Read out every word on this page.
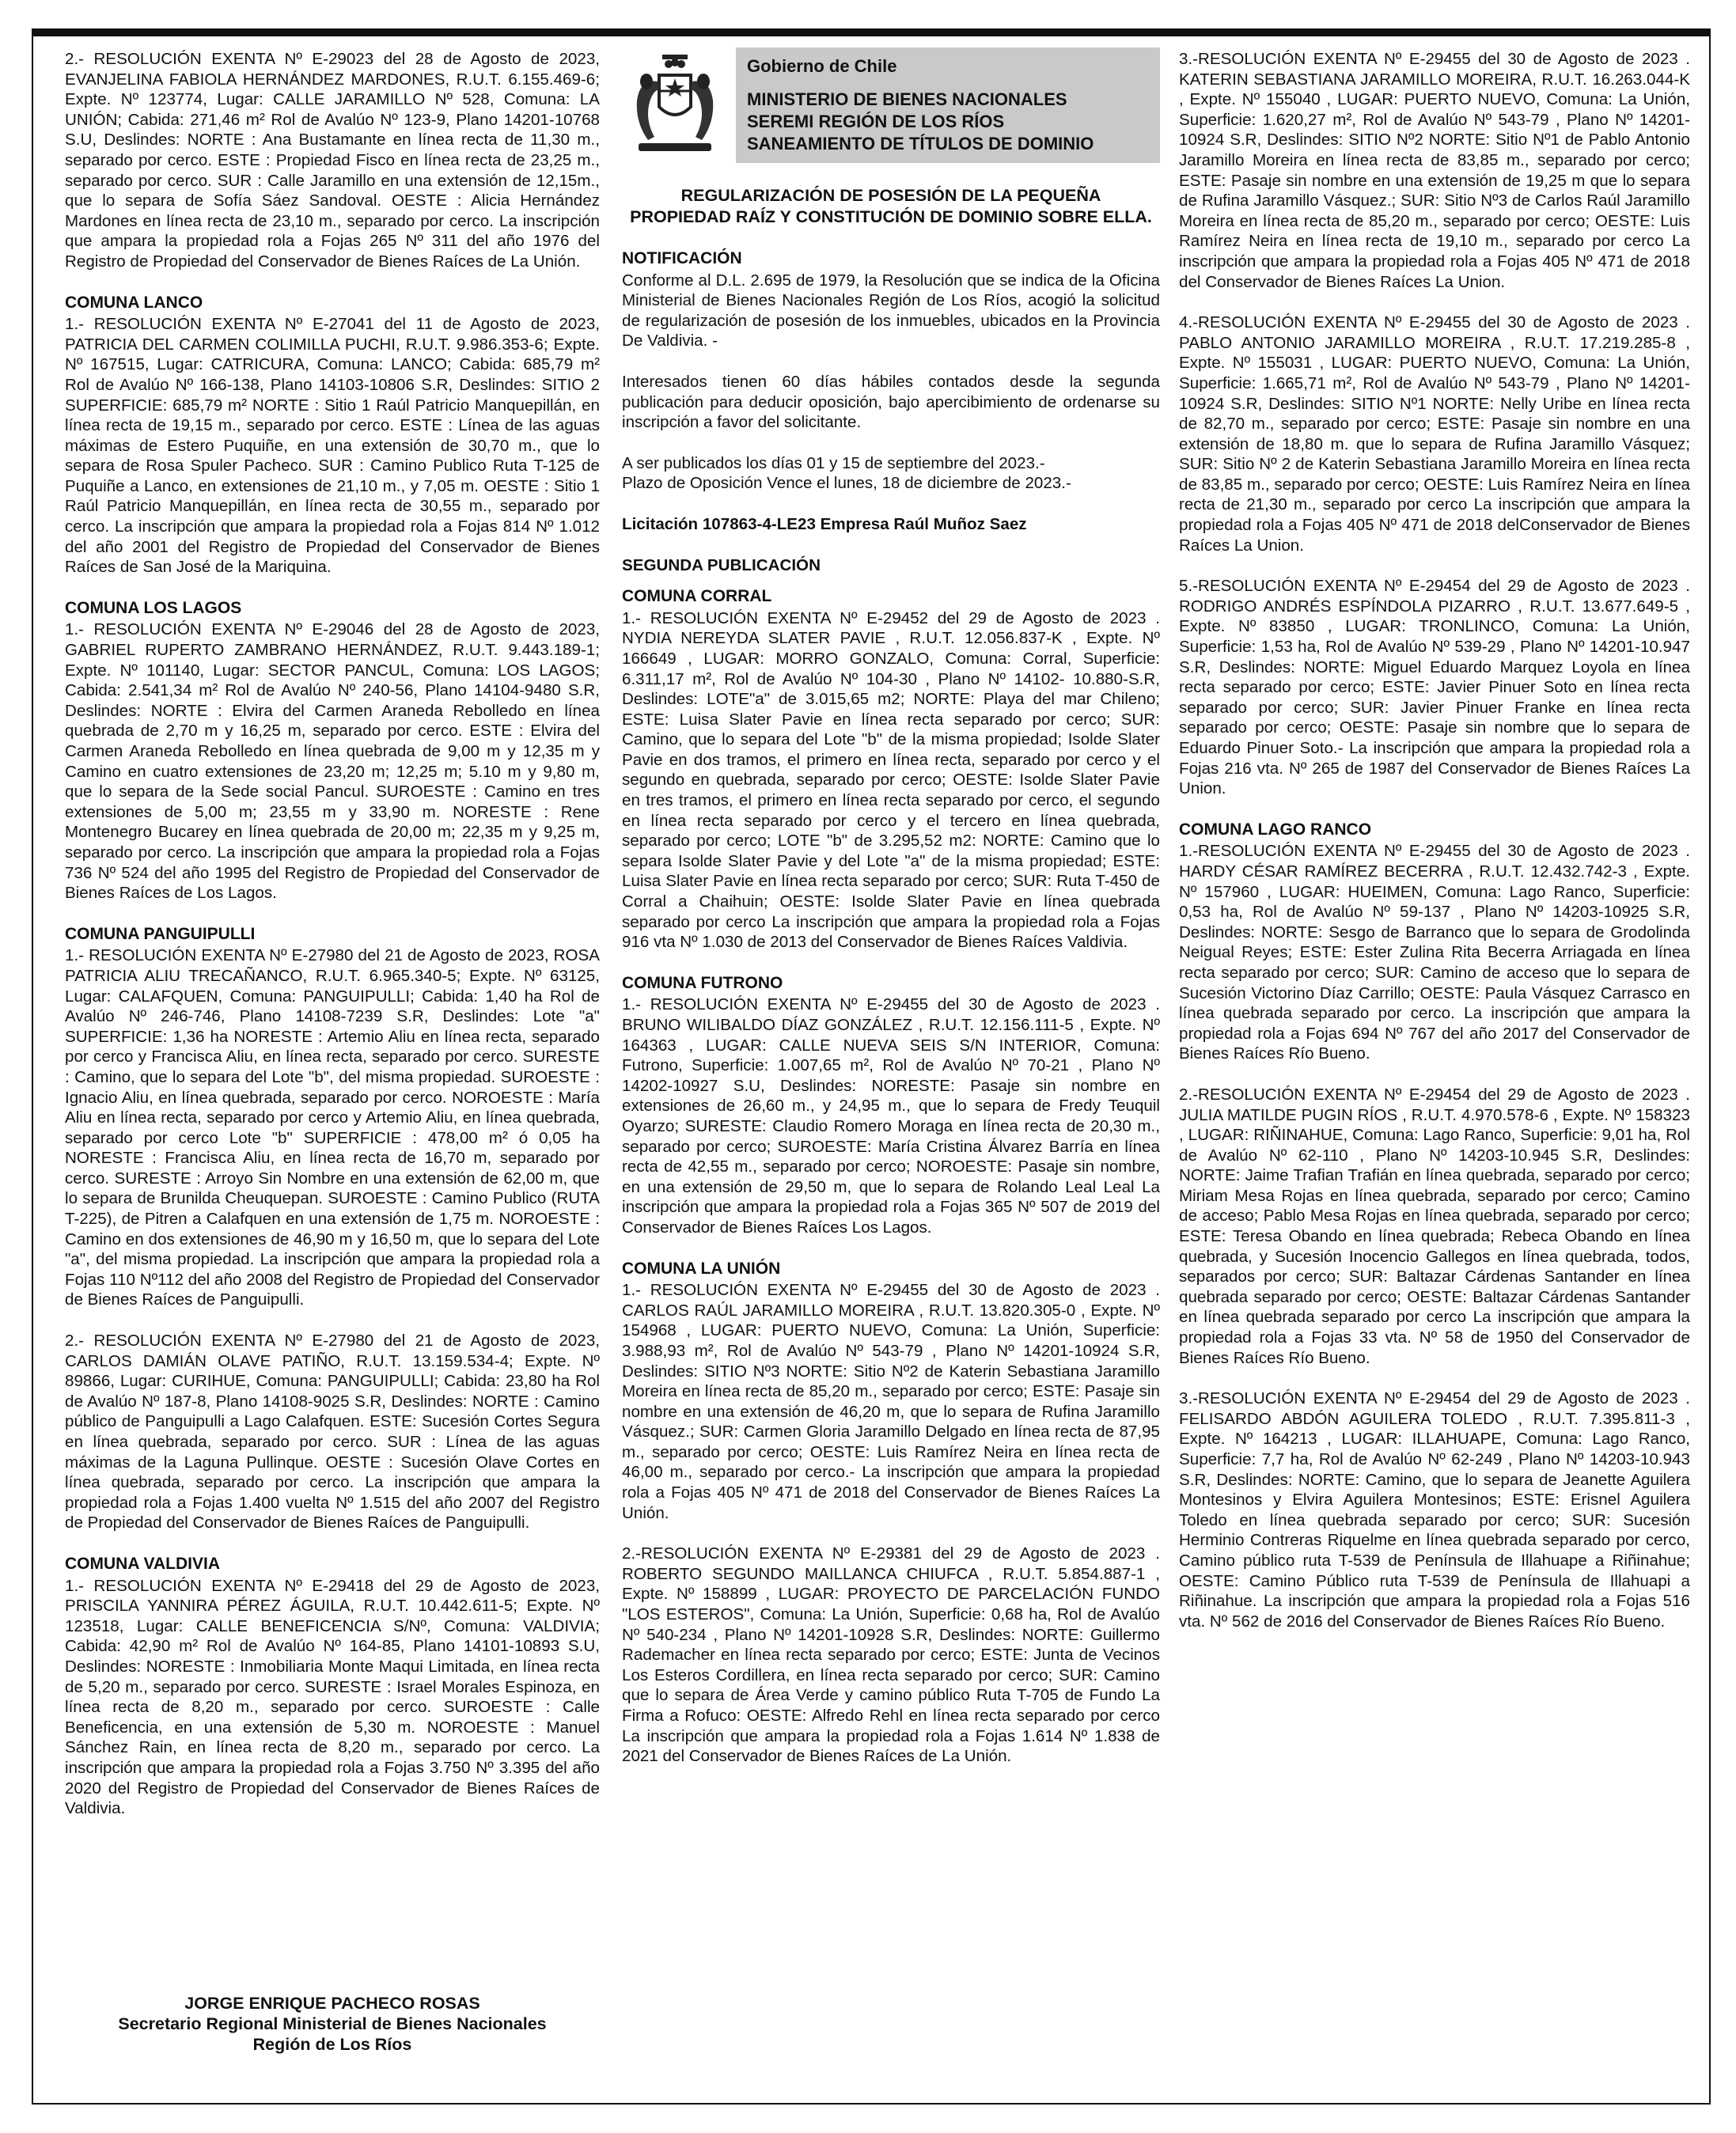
2.- RESOLUCIÓN EXENTA Nº E-29023 del 28 de Agosto de 2023, EVANJELINA FABIOLA HERNÁNDEZ MARDONES, R.U.T. 6.155.469-6; Expte. Nº 123774, Lugar: CALLE JARAMILLO Nº 528, Comuna: LA UNIÓN; Cabida: 271,46 m² Rol de Avalúo Nº 123-9, Plano 14201-10768 S.U, Deslindes: NORTE : Ana Bustamante en línea recta de 11,30 m., separado por cerco. ESTE : Propiedad Fisco en línea recta de 23,25 m., separado por cerco. SUR : Calle Jaramillo en una extensión de 12,15m., que lo separa de Sofía Sáez Sandoval. OESTE : Alicia Hernández Mardones en línea recta de 23,10 m., separado por cerco. La inscripción que ampara la propiedad rola a Fojas 265 Nº 311 del año 1976 del Registro de Propiedad del Conservador de Bienes Raíces de La Unión.

COMUNA LANCO

1.- RESOLUCIÓN EXENTA Nº E-27041 del 11 de Agosto de 2023, PATRICIA DEL CARMEN COLIMILLA PUCHI, R.U.T. 9.986.353-6; Expte. Nº 167515, Lugar: CATRICURA, Comuna: LANCO; Cabida: 685,79 m² Rol de Avalúo Nº 166-138, Plano 14103-10806 S.R, Deslindes: SITIO 2 SUPERFICIE: 685,79 m² NORTE : Sitio 1 Raúl Patricio Manquepillán, en línea recta de 19,15 m., separado por cerco. ESTE : Línea de las aguas máximas de Estero Puquiñe, en una extensión de 30,70 m., que lo separa de Rosa Spuler Pacheco. SUR : Camino Publico Ruta T-125 de Puquiñe a Lanco, en extensiones de 21,10 m., y 7,05 m. OESTE : Sitio 1 Raúl Patricio Manquepillán, en línea recta de 30,55 m., separado por cerco. La inscripción que ampara la propiedad rola a Fojas 814 Nº 1.012 del año 2001 del Registro de Propiedad del Conservador de Bienes Raíces de San José de la Mariquina.

COMUNA LOS LAGOS

1.- RESOLUCIÓN EXENTA Nº E-29046 del 28 de Agosto de 2023, GABRIEL RUPERTO ZAMBRANO HERNÁNDEZ, R.U.T. 9.443.189-1; Expte. Nº 101140, Lugar: SECTOR PANCUL, Comuna: LOS LAGOS; Cabida: 2.541,34 m² Rol de Avalúo Nº 240-56, Plano 14104-9480 S.R, Deslindes: NORTE : Elvira del Carmen Araneda Rebolledo en línea quebrada de 2,70 m y 16,25 m, separado por cerco. ESTE : Elvira del Carmen Araneda Rebolledo en línea quebrada de 9,00 m y 12,35 m y Camino en cuatro extensiones de 23,20 m; 12,25 m; 5.10 m y 9,80 m, que lo separa de la Sede social Pancul. SUROESTE : Camino en tres extensiones de 5,00 m; 23,55 m y 33,90 m. NORESTE : Rene Montenegro Bucarey en línea quebrada de 20,00 m; 22,35 m y 9,25 m, separado por cerco. La inscripción que ampara la propiedad rola a Fojas 736 Nº 524 del año 1995 del Registro de Propiedad del Conservador de Bienes Raíces de Los Lagos.

COMUNA PANGUIPULLI

1.- RESOLUCIÓN EXENTA Nº E-27980 del 21 de Agosto de 2023, ROSA PATRICIA ALIU TRECAÑANCO, R.U.T. 6.965.340-5; Expte. Nº 63125, Lugar: CALAFQUEN, Comuna: PANGUIPULLI; Cabida: 1,40 ha Rol de Avalúo Nº 246-746, Plano 14108-7239 S.R, Deslindes: Lote "a" SUPERFICIE: 1,36 ha NORESTE : Artemio Aliu en línea recta, separado por cerco y Francisca Aliu, en línea recta, separado por cerco. SURESTE : Camino, que lo separa del Lote "b", del misma propiedad. SUROESTE : Ignacio Aliu, en línea quebrada, separado por cerco. NOROESTE : María Aliu en línea recta, separado por cerco y Artemio Aliu, en línea quebrada, separado por cerco Lote "b" SUPERFICIE : 478,00 m² ó 0,05 ha NORESTE : Francisca Aliu, en línea recta de 16,70 m, separado por cerco. SURESTE : Arroyo Sin Nombre en una extensión de 62,00 m, que lo separa de Brunilda Cheuquepan. SUROESTE : Camino Publico (RUTA T-225), de Pitren a Calafquen en una extensión de 1,75 m. NOROESTE : Camino en dos extensiones de 46,90 m y 16,50 m, que lo separa del Lote "a", del misma propiedad. La inscripción que ampara la propiedad rola a Fojas 110 Nº112 del año 2008 del Registro de Propiedad del Conservador de Bienes Raíces de Panguipulli.

2.- RESOLUCIÓN EXENTA Nº E-27980 del 21 de Agosto de 2023, CARLOS DAMIÁN OLAVE PATIÑO, R.U.T. 13.159.534-4; Expte. Nº 89866, Lugar: CURIHUE, Comuna: PANGUIPULLI; Cabida: 23,80 ha Rol de Avalúo Nº 187-8, Plano 14108-9025 S.R, Deslindes: NORTE : Camino público de Panguipulli a Lago Calafquen. ESTE: Sucesión Cortes Segura en línea quebrada, separado por cerco. SUR : Línea de las aguas máximas de la Laguna Pullinque. OESTE : Sucesión Olave Cortes en línea quebrada, separado por cerco. La inscripción que ampara la propiedad rola a Fojas 1.400 vuelta Nº 1.515 del año 2007 del Registro de Propiedad del Conservador de Bienes Raíces de Panguipulli.

COMUNA VALDIVIA

1.- RESOLUCIÓN EXENTA Nº E-29418 del 29 de Agosto de 2023, PRISCILA YANNIRA PÉREZ ÁGUILA, R.U.T. 10.442.611-5; Expte. Nº 123518, Lugar: CALLE BENEFICENCIA S/Nº, Comuna: VALDIVIA; Cabida: 42,90 m² Rol de Avalúo Nº 164-85, Plano 14101-10893 S.U, Deslindes: NORESTE : Inmobiliaria Monte Maqui Limitada, en línea recta de 5,20 m., separado por cerco. SURESTE : Israel Morales Espinoza, en línea recta de 8,20 m., separado por cerco. SUROESTE : Calle Beneficencia, en una extensión de 5,30 m. NOROESTE : Manuel Sánchez Rain, en línea recta de 8,20 m., separado por cerco. La inscripción que ampara la propiedad rola a Fojas 3.750 Nº 3.395 del año 2020 del Registro de Propiedad del Conservador de Bienes Raíces de Valdivia.

JORGE ENRIQUE PACHECO ROSAS
Secretario Regional Ministerial de Bienes Nacionales
Región de Los Ríos
Gobierno de Chile
MINISTERIO DE BIENES NACIONALES
SEREMI REGIÓN DE LOS RÍOS
SANEAMIENTO DE TÍTULOS DE DOMINIO
REGULARIZACIÓN DE POSESIÓN DE LA PEQUEÑA
PROPIEDAD RAÍZ Y CONSTITUCIÓN DE DOMINIO SOBRE ELLA.
NOTIFICACIÓN

Conforme al D.L. 2.695 de 1979, la Resolución que se indica de la Oficina Ministerial de Bienes Nacionales Región de Los Ríos, acogió la solicitud de regularización de posesión de los inmuebles, ubicados en la Provincia De Valdivia. -

Interesados tienen 60 días hábiles contados desde la segunda publicación para deducir oposición, bajo apercibimiento de ordenarse su inscripción a favor del solicitante.

A ser publicados los días 01 y 15 de septiembre del 2023.-
Plazo de Oposición Vence el lunes, 18 de diciembre de 2023.-

Licitación 107863-4-LE23 Empresa Raúl Muñoz Saez

SEGUNDA PUBLICACIÓN

COMUNA CORRAL

1.- RESOLUCIÓN EXENTA Nº E-29452 del 29 de Agosto de 2023 . NYDIA NEREYDA SLATER PAVIE , R.U.T. 12.056.837-K , Expte. Nº 166649 , LUGAR: MORRO GONZALO, Comuna: Corral, Superficie: 6.311,17 m², Rol de Avalúo Nº 104-30 , Plano Nº 14102- 10.880-S.R, Deslindes: LOTE"a" de 3.015,65 m2; NORTE: Playa del mar Chileno; ESTE: Luisa Slater Pavie en línea recta separado por cerco; SUR: Camino, que lo separa del Lote "b" de la misma propiedad; Isolde Slater Pavie en dos tramos, el primero en línea recta, separado por cerco y el segundo en quebrada, separado por cerco; OESTE: Isolde Slater Pavie en tres tramos, el primero en línea recta separado por cerco, el segundo en línea recta separado por cerco y el tercero en línea quebrada, separado por cerco; LOTE "b" de 3.295,52 m2: NORTE: Camino que lo separa Isolde Slater Pavie y del Lote "a" de la misma propiedad; ESTE: Luisa Slater Pavie en línea recta separado por cerco; SUR: Ruta T-450 de Corral a Chaihuin; OESTE: Isolde Slater Pavie en línea quebrada separado por cerco La inscripción que ampara la propiedad rola a Fojas 916 vta Nº 1.030 de 2013 del Conservador de Bienes Raíces Valdivia.

COMUNA FUTRONO

1.- RESOLUCIÓN EXENTA Nº E-29455 del 30 de Agosto de 2023 . BRUNO WILIBALDO DÍAZ GONZÁLEZ , R.U.T. 12.156.111-5 , Expte. Nº 164363 , LUGAR: CALLE NUEVA SEIS S/N INTERIOR, Comuna: Futrono, Superficie: 1.007,65 m², Rol de Avalúo Nº 70-21 , Plano Nº 14202-10927 S.U, Deslindes: NORESTE: Pasaje sin nombre en extensiones de 26,60 m., y 24,95 m., que lo separa de Fredy Teuquil Oyarzo; SURESTE: Claudio Romero Moraga en línea recta de 20,30 m., separado por cerco; SUROESTE: María Cristina Álvarez Barría en línea recta de 42,55 m., separado por cerco; NOROESTE: Pasaje sin nombre, en una extensión de 29,50 m, que lo separa de Rolando Leal Leal La inscripción que ampara la propiedad rola a Fojas 365 Nº 507 de 2019 del Conservador de Bienes Raíces Los Lagos.

COMUNA LA UNIÓN

1.- RESOLUCIÓN EXENTA Nº E-29455 del 30 de Agosto de 2023 . CARLOS RAÚL JARAMILLO MOREIRA , R.U.T. 13.820.305-0 , Expte. Nº 154968 , LUGAR: PUERTO NUEVO, Comuna: La Unión, Superficie: 3.988,93 m², Rol de Avalúo Nº 543-79 , Plano Nº 14201-10924 S.R, Deslindes: SITIO Nº3 NORTE: Sitio Nº2 de Katerin Sebastiana Jaramillo Moreira en línea recta de 85,20 m., separado por cerco; ESTE: Pasaje sin nombre en una extensión de 46,20 m, que lo separa de Rufina Jaramillo Vásquez.; SUR: Carmen Gloria Jaramillo Delgado en línea recta de 87,95 m., separado por cerco; OESTE: Luis Ramírez Neira en línea recta de 46,00 m., separado por cerco.- La inscripción que ampara la propiedad rola a Fojas 405 Nº 471 de 2018 del Conservador de Bienes Raíces La Unión.

2.-RESOLUCIÓN EXENTA Nº E-29381 del 29 de Agosto de 2023 . ROBERTO SEGUNDO MAILLANCA CHIUFCA , R.U.T. 5.854.887-1 , Expte. Nº 158899 , LUGAR: PROYECTO DE PARCELACIÓN FUNDO "LOS ESTEROS", Comuna: La Unión, Superficie: 0,68 ha, Rol de Avalúo Nº 540-234 , Plano Nº 14201-10928 S.R, Deslindes: NORTE: Guillermo Rademacher en línea recta separado por cerco; ESTE: Junta de Vecinos Los Esteros Cordillera, en línea recta separado por cerco; SUR: Camino que lo separa de Área Verde y camino público Ruta T-705 de Fundo La Firma a Rofuco: OESTE: Alfredo Rehl en línea recta separado por cerco La inscripción que ampara la propiedad rola a Fojas 1.614 Nº 1.838 de 2021 del Conservador de Bienes Raíces de La Unión.

3.-RESOLUCIÓN EXENTA Nº E-29455 del 30 de Agosto de 2023 . KATERIN SEBASTIANA JARAMILLO MOREIRA, R.U.T. 16.263.044-K , Expte. Nº 155040 , LUGAR: PUERTO NUEVO, Comuna: La Unión, Superficie: 1.620,27 m², Rol de Avalúo Nº 543-79 , Plano Nº 14201-10924 S.R, Deslindes: SITIO Nº2 NORTE: Sitio Nº1 de Pablo Antonio Jaramillo Moreira en línea recta de 83,85 m., separado por cerco; ESTE: Pasaje sin nombre en una extensión de 19,25 m que lo separa de Rufina Jaramillo Vásquez.; SUR: Sitio Nº3 de Carlos Raúl Jaramillo Moreira en línea recta de 85,20 m., separado por cerco; OESTE: Luis Ramírez Neira en línea recta de 19,10 m., separado por cerco La inscripción que ampara la propiedad rola a Fojas 405 Nº 471 de 2018 del Conservador de Bienes Raíces La Union.

4.-RESOLUCIÓN EXENTA Nº E-29455 del 30 de Agosto de 2023 . PABLO ANTONIO JARAMILLO MOREIRA , R.U.T. 17.219.285-8 , Expte. Nº 155031 , LUGAR: PUERTO NUEVO, Comuna: La Unión, Superficie: 1.665,71 m², Rol de Avalúo Nº 543-79 , Plano Nº 14201-10924 S.R, Deslindes: SITIO Nº1 NORTE: Nelly Uribe en línea recta de 82,70 m., separado por cerco; ESTE: Pasaje sin nombre en una extensión de 18,80 m. que lo separa de Rufina Jaramillo Vásquez; SUR: Sitio Nº 2 de Katerin Sebastiana Jaramillo Moreira en línea recta de 83,85 m., separado por cerco; OESTE: Luis Ramírez Neira en línea recta de 21,30 m., separado por cerco La inscripción que ampara la propiedad rola a Fojas 405 Nº 471 de 2018 delConservador de Bienes Raíces La Union.

5.-RESOLUCIÓN EXENTA Nº E-29454 del 29 de Agosto de 2023 . RODRIGO ANDRÉS ESPÍNDOLA PIZARRO , R.U.T. 13.677.649-5 , Expte. Nº 83850 , LUGAR: TRONLINCO, Comuna: La Unión, Superficie: 1,53 ha, Rol de Avalúo Nº 539-29 , Plano Nº 14201-10.947 S.R, Deslindes: NORTE: Miguel Eduardo Marquez Loyola en línea recta separado por cerco; ESTE: Javier Pinuer Soto en línea recta separado por cerco; SUR: Javier Pinuer Franke en línea recta separado por cerco; OESTE: Pasaje sin nombre que lo separa de Eduardo Pinuer Soto.- La inscripción que ampara la propiedad rola a Fojas 216 vta. Nº 265 de 1987 del Conservador de Bienes Raíces La Union.

COMUNA LAGO RANCO

1.-RESOLUCIÓN EXENTA Nº E-29455 del 30 de Agosto de 2023 . HARDY CÉSAR RAMÍREZ BECERRA , R.U.T. 12.432.742-3 , Expte. Nº 157960 , LUGAR: HUEIMEN, Comuna: Lago Ranco, Superficie: 0,53 ha, Rol de Avalúo Nº 59-137 , Plano Nº 14203-10925 S.R, Deslindes: NORTE: Sesgo de Barranco que lo separa de Grodolinda Neigual Reyes; ESTE: Ester Zulina Rita Becerra Arriagada en línea recta separado por cerco; SUR: Camino de acceso que lo separa de Sucesión Victorino Díaz Carrillo; OESTE: Paula Vásquez Carrasco en línea quebrada separado por cerco. La inscripción que ampara la propiedad rola a Fojas 694 Nº 767 del año 2017 del Conservador de Bienes Raíces Río Bueno.

2.-RESOLUCIÓN EXENTA Nº E-29454 del 29 de Agosto de 2023 . JULIA MATILDE PUGIN RÍOS , R.U.T. 4.970.578-6 , Expte. Nº 158323 , LUGAR: RIÑINAHUE, Comuna: Lago Ranco, Superficie: 9,01 ha, Rol de Avalúo Nº 62-110 , Plano Nº 14203-10.945 S.R, Deslindes: NORTE: Jaime Trafian Trafián en línea quebrada, separado por cerco; Miriam Mesa Rojas en línea quebrada, separado por cerco; Camino de acceso; Pablo Mesa Rojas en línea quebrada, separado por cerco; ESTE: Teresa Obando en línea quebrada; Rebeca Obando en línea quebrada, y Sucesión Inocencio Gallegos en línea quebrada, todos, separados por cerco; SUR: Baltazar Cárdenas Santander en línea quebrada separado por cerco; OESTE: Baltazar Cárdenas Santander en línea quebrada separado por cerco La inscripción que ampara la propiedad rola a Fojas 33 vta. Nº 58 de 1950 del Conservador de Bienes Raíces Río Bueno.

3.-RESOLUCIÓN EXENTA Nº E-29454 del 29 de Agosto de 2023 . FELISARDO ABDÓN AGUILERA TOLEDO , R.U.T. 7.395.811-3 , Expte. Nº 164213 , LUGAR: ILLAHUAPE, Comuna: Lago Ranco, Superficie: 7,7 ha, Rol de Avalúo Nº 62-249 , Plano Nº 14203-10.943 S.R, Deslindes: NORTE: Camino, que lo separa de Jeanette Aguilera Montesinos y Elvira Aguilera Montesinos; ESTE: Erisnel Aguilera Toledo en línea quebrada separado por cerco; SUR: Sucesión Herminio Contreras Riquelme en línea quebrada separado por cerco, Camino público ruta T-539 de Península de Illahuape a Riñinahue; OESTE: Camino Público ruta T-539 de Península de Illahuapi a Riñinahue. La inscripción que ampara la propiedad rola a Fojas 516 vta. Nº 562 de 2016 del Conservador de Bienes Raíces Río Bueno.
